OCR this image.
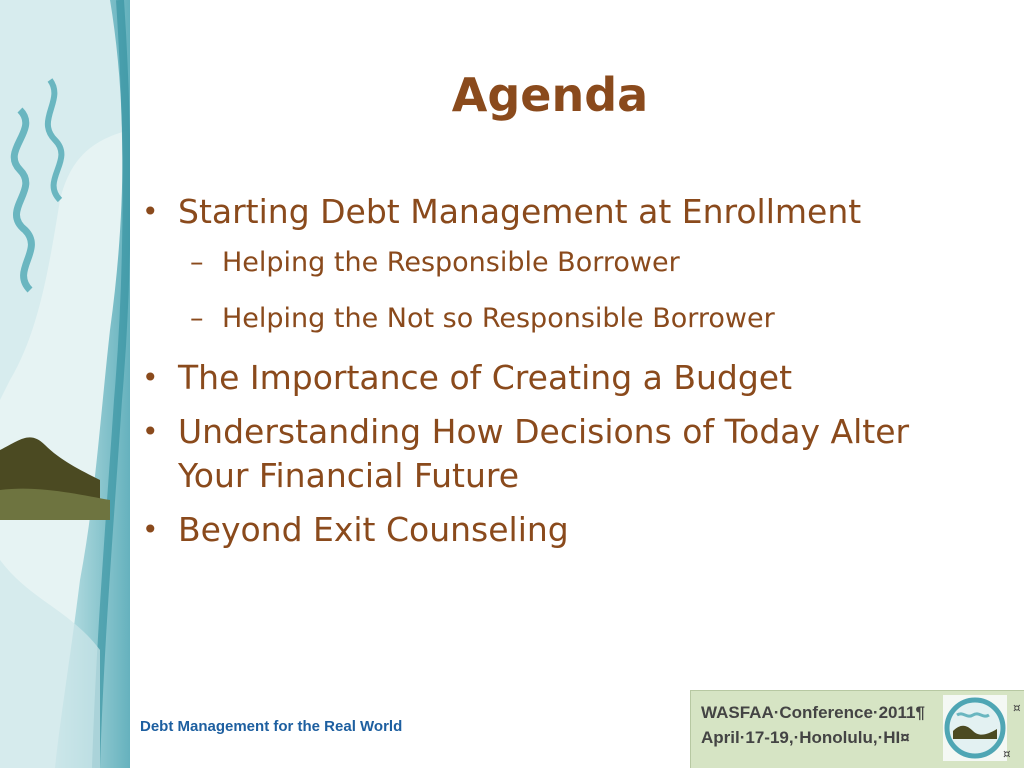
Agenda
• Starting Debt Management at Enrollment
– Helping the Responsible Borrower
– Helping the Not so Responsible Borrower
• The Importance of Creating a Budget
• Understanding How Decisions of Today Alter Your Financial Future
• Beyond Exit Counseling
Debt Management for the Real World
WASFAA·Conference·2011¶
April·17-19,·Honolulu,·HI¤
¤
¤
